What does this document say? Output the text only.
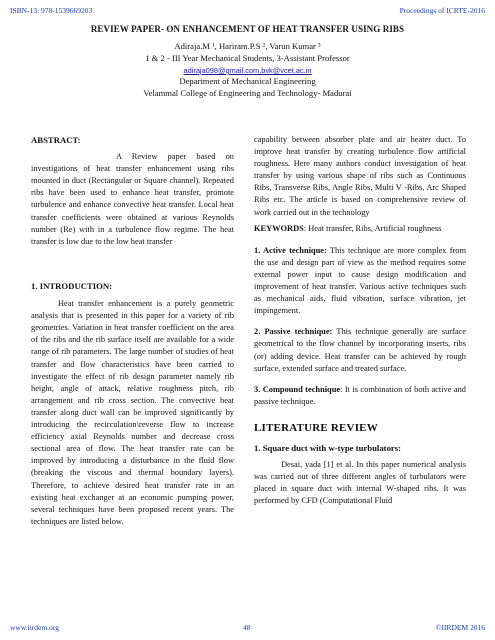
ISBN-13: 978-1539669203	Proceedings of ICRTE-2016
REVIEW PAPER- ON ENHANCEMENT OF HEAT TRANSFER USING RIBS
Adiraja.M ¹, Hariram.P.S ², Varun Kumar ³
1 & 2 - III Year Mechanical Students, 3-Assistant Professor
adiraja098@gmail.com,bvk@vcet.ac.in
Department of Mechanical Engineering
Velammal College of Engineering and Technology- Madurai

ABSTRACT:

A Review paper based on investigations of heat transfer enhancement using ribs mounted in duct (Rectangular or Square channel). Repeated ribs have been used to enhance heat transfer, promote turbulence and enhance convective heat transfer. Local heat transfer coefficients were obtained at various Reynolds number (Re) with in a turbulence flow regime. The heat transfer is low due to the low heat transfer

1. INTRODUCTION:

Heat transfer enhancement is a purely geometric analysis that is presented in this paper for a variety of rib geometries. Variation in heat transfer coefficient on the area of the ribs and the rib surface itself are available for a wide range of rib parameters. The large number of studies of heat transfer and flow characteristics have been carried to investigate the effect of rib design parameter namely rib height, angle of attack, relative roughness pitch, rib arrangement and rib cross section. The convective heat transfer along duct wall can be improved significantly by introducing the recirculation\reverse flow to increase efficiency axial Reynolds number and decrease cross sectional area of flow. The heat transfer rate can be improved by introducing a disturbance in the fluid flow (breaking the viscous and thermal boundary layers). Therefore, to achieve desired heat transfer rate in an existing heat exchanger at an economic pumping power, several techniques have been proposed recent years. The techniques are listed below.

capability between absorber plate and air heater duct. To improve heat transfer by creating turbulence flow artificial roughness. Here many authors conduct investigation of heat transfer by using various shape of ribs such as Continuous Ribs, Transverse Ribs, Angle Ribs, Multi V -Ribs, Arc Shaped Ribs etc. The article is based on comprehensive review of work carried out in the technology

KEYWORDS: Heat transfer, Ribs, Artificial roughness

1. Active technique: This technique are more complex from the use and design part of view as the method requires some external power input to cause design modification and improvement of heat transfer. Various active techniques such as mechanical aids, fluid vibration, surface vibration, jet impingement.

2. Passive technique: This technique generally are surface geometrical to the flow channel by incorporating inserts, ribs (or) adding device. Heat transfer can be achieved by rough surface, extended surface and treated surface.

3. Compound technique: It is combination of both active and passive technique.

LITERATURE REVIEW

1. Square duct with w-type turbulators:

Desai, yada [1] et al. In this paper numerical analysis was carried out of three different angles of turbulators were placed in square duct with internal W-shaped ribs. It was performed by CFD (Computational Fluid

www.iirdem.org	48	©IIRDEM 2016
